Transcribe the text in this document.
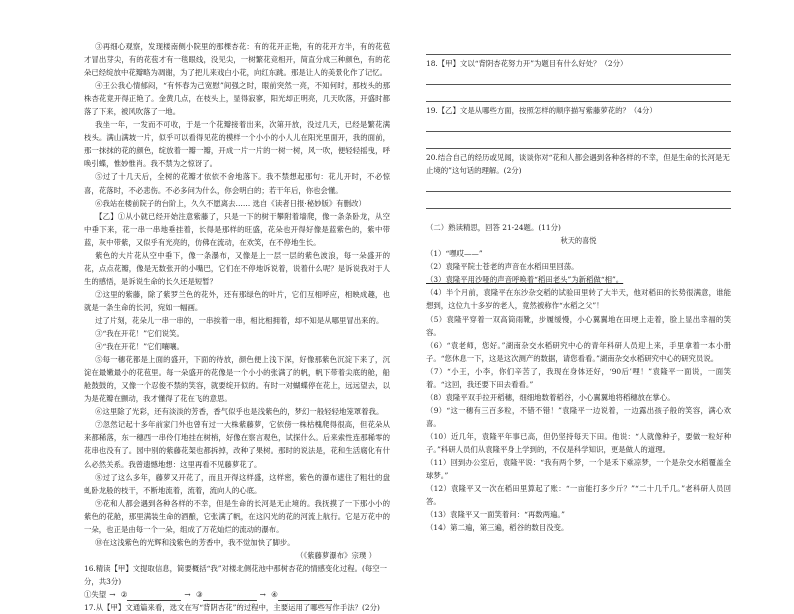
③再细心观察，发现楼南侧小院里的那棵杏花：有的花开正艳，有的花开方半，有的花苞才冒出芽尖，有的花苞才有一毯眼线，没见尖，一树繁花竞相开，简直分成三种颜色，有的花朵已经绽放中花瓣略为凋谢，为了把儿来戏白小花，向红东跳。那是让人的美景化作了记忆。

④王公我心情郁闷，“有怀春为己宽慰”间强之时，眼前突然一亮，不知何时，那枝头的那株杏花竟开得正艳了。金黄几点，在枝头上，显得寂寥，阳光却正明亮，几天吹落，开盛时都落了下来，被风吹落了一地。

我坐一年，一发而不可收，于是一个花瓣接着出来，次第开放，没过几天，已经是繁花满枝头。满山满坡一片，似乎可以看得见花的模样一个小小的小人儿在阳光里面开，我的面前，那一抹抹的花的颜色，绽放着一瓣一瓣，开成一片一片的一树一树，风一吹，便轻轻摇曳，呼唤引蝶，惟妙惟肖。我不禁为之惊讶了。

⑤过了十几天后，全树的花瓣才依依不舍地落下。我不禁想起那句：花儿开时，不必惊喜，花落时，不必悲伤。不必多问为什么，你会明白的；若干年后，你也会懂。

⑥我站在楼前院子的台阶上，久久不愿离去…… 选自《读者日报·秘妙版》有删改）

【乙】①从小就已经开始注意紫藤了，只是一下的树干攀附着墙爬，像一条条卧龙，从空中垂下来，花一串一串地垂挂着，长得是那样的旺盛，花朵也开得好像是蓝紫色的，紫中带蓝，灰中带紫，又似乎有光亮的，仿佛在流动，在欢笑，在不停地生长。

紫色的大片花从空中垂下，像一条瀑布，又像是上一层一层的紫色波浪，每一朵盛开的花，点点花瓣，像是无数张开的小嘴巴，它们在不停地诉说着，说着什么呢？是诉说我对于人生的感悟，是诉说生命的长久还是短暂？

②这里的紫藤，除了紫罗兰色的花外，还有那绿色的叶片，它们互相呼应，相映成趣，也就是一条生命的长河，宛如一幅画。

过了片刻，花朵儿一串一串的，一串挨着一串，相比相拥着，却不知是从哪里冒出来的。

③“我在开花！”它们说笑。

④“我在开花！”它们嚷嚷。

⑤每一穗花都是上面的盛开，下面的待放，颜色便上浅下深，好像那紫色沉淀下来了，沉淀在最嫩最小的花苞里。每一朵盛开的花像是一个小小的张满了的帆，帆下带着尖底的舱，船舱鼓鼓的，又像一个忍俊不禁的笑容，就要绽开似的。有时一对蝴蝶停在花上，远远望去，以为是花瓣在颤动，我才懂得了花在飞的意思。

⑥这里除了光彩，还有淡淡的芳香，香气似乎也是浅紫色的，梦幻一般轻轻地笼罩着我。

⑦忽然记起十多年前家门外也曾有过一大株紫藤萝，它依傍一株枯槐爬得很高，但花朵从来都稀落，东一穗西一串伶仃地挂在树梢，好像在察言观色，试探什么。后来索性连那稀零的花串也没有了。园中别的紫藤花架也都拆掉，改种了果树。那时的说法是，花和生活腐化有什么必然关系。我曾遗憾地想：这里再看不见藤萝花了。

⑧过了这么多年，藤萝又开花了，而且开得这样盛，这样密，紫色的瀑布遮住了粗壮的盘虬卧龙般的枝干，不断地流着，流着，流向人的心底。

⑨花和人都会遇到各种各样的不幸，但是生命的长河是无止境的。我抚摸了一下那小小的紫色的花舱，那里满装生命的酒酿，它张满了帆，在这闪光的花的河流上航行。它是万花中的一朵，也正是由每一个一朵，组成了万花灿烂的流动的瀑布。

⑩在这浅紫色的光辉和浅紫色的芳香中，我不觉加快了脚步。

（《紫藤萝瀑布》宗璞 ）

16.精读【甲】文提取信息，简要概括“我”对楼北侧花池中那树杏花的情感变化过程。(每空一分，共3分)

①失望 → ②	→ ③	→ ④

17.从【甲】文通篇来看，选文在写“背阴杏花”的过程中，主要运用了哪些写作手法？(2分)

18.【甲】文以“背阴杏花努力开”为题目有什么好处？（2分）

19.【乙】文是从哪些方面，按照怎样的顺序描写紫藤萝花的？（4分）

20.结合自己的经历或见闻，谈谈你对“花和人都会遇到各种各样的不幸，但是生命的长河是无止境的”这句话的理解。(2分)

（二）熟读精思，回答 21-24题。(11分)

秋天的喜悦

（1）“嘿哎——”

（2）袁隆平院士苍老的声音在水稻田里回荡。

（3）袁隆平用沙哑的声音呼唤着“稻田老头”为新稻做“相”。

（4）半个月前，袁隆平在东沙杂交稻的试验田里转了大半天，他对稻田的长势很满意，谁能想到，这位九十多岁的老人，竟然被称作“水稻之父”！

（5）袁隆平穿着一双高筒雨靴，步履缓慢，小心翼翼地在田埂上走着，脸上显出幸福的笑容。

（6）“袁老师，您好。”湖南杂交水稻研究中心的青年科研人员迎上来，手里拿着一本小册子。“您休息一下，这是这次测产的数据，请您看看。”湖南杂交水稻研究中心的研究员说。

（7）“小王，小李，你们辛苦了，我现在身体还好，‘90后’哩！”袁隆平一面说，一面笑着。“这回，我还要下田去看看。”

（8）袁隆平双手拉开稻穗，细细地数着稻谷，小心翼翼地将稻穗放在掌心。

（9）“这一穗有三百多粒，不错不错！”袁隆平一边说着，一边露出孩子般的笑容，满心欢喜。

（10）近几年，袁隆平年事已高，但仍坚持每天下田。他说：“人就像种子，要做一粒好种子。”科研人员们从袁隆平身上学到的，不仅是科学知识，更是做人的道理。

（11）回到办公室后，袁隆平说：“我有两个梦，一个是禾下乘凉梦，一个是杂交水稻覆盖全球梦。”

（12）袁隆平又一次在稻田里算起了账：“一亩能打多少斤？”“二十几千几。”老科研人员回答。

（13）袁隆平又一面笑着问：“再数两遍。”

（14）第二遍，第三遍，稻谷的数目没变。
